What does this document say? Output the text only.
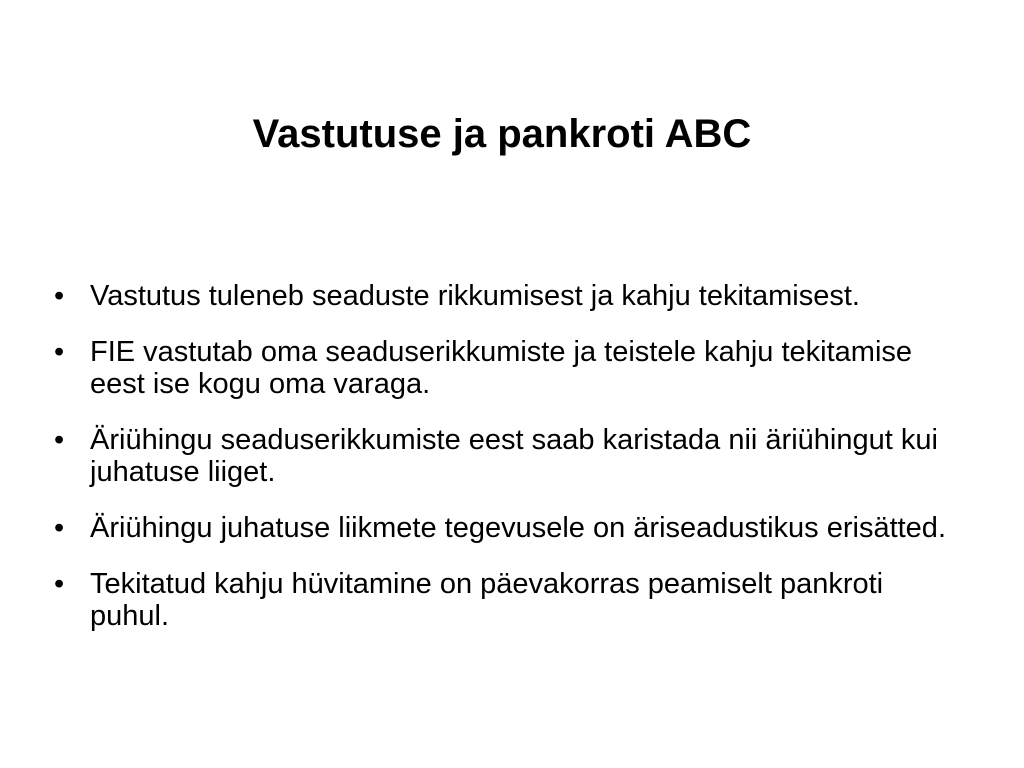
Vastutuse ja pankroti ABC
• Vastutus tuleneb seaduste rikkumisest ja kahju tekitamisest.
• FIE vastutab oma seaduserikkumiste ja teistele kahju tekitamise eest ise kogu oma varaga.
• Äriühingu seaduserikkumiste eest saab karistada nii äriühingut kui juhatuse liiget.
• Äriühingu juhatuse liikmete tegevusele on äriseadustikus erisätted.
• Tekitatud kahju hüvitamine on päevakorras peamiselt pankroti puhul.
